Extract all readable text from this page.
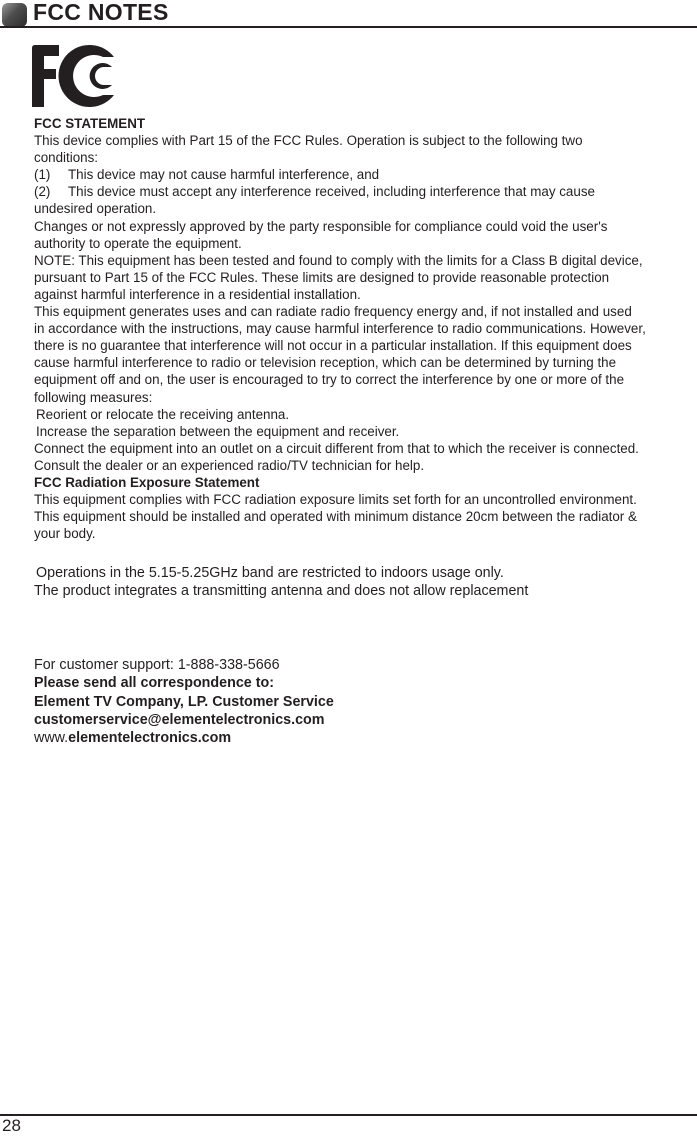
FCC NOTES
FCC STATEMENT
This device complies with Part 15 of the FCC Rules. Operation is subject to the following two
conditions:
(1) This device may not cause harmful interference, and
(2) This device must accept any interference received, including interference that may cause
undesired operation.
Changes or not expressly approved by the party responsible for compliance could void the user's
authority to operate the equipment.
NOTE: This equipment has been tested and found to comply with the limits for a Class B digital device,
pursuant to Part 15 of the FCC Rules. These limits are designed to provide reasonable protection
against harmful interference in a residential installation.
This equipment generates uses and can radiate radio frequency energy and, if not installed and used
in accordance with the instructions, may cause harmful interference to radio communications. However,
there is no guarantee that interference will not occur in a particular installation. If this equipment does
cause harmful interference to radio or television reception, which can be determined by turning the
equipment off and on, the user is encouraged to try to correct the interference by one or more of the
following measures:
Reorient or relocate the receiving antenna.
Increase the separation between the equipment and receiver.
Connect the equipment into an outlet on a circuit different from that to which the receiver is connected.
Consult the dealer or an experienced radio/TV technician for help.
FCC Radiation Exposure Statement
This equipment complies with FCC radiation exposure limits set forth for an uncontrolled environment.
This equipment should be installed and operated with minimum distance 20cm between the radiator &
your body.
Operations in the 5.15-5.25GHz band are restricted to indoors usage only.
The product integrates a transmitting antenna and does not allow replacement
For customer support: 1-888-338-5666
Please send all correspondence to:
Element TV Company, LP. Customer Service
customerservice@elementelectronics.com
www.elementelectronics.com
28
